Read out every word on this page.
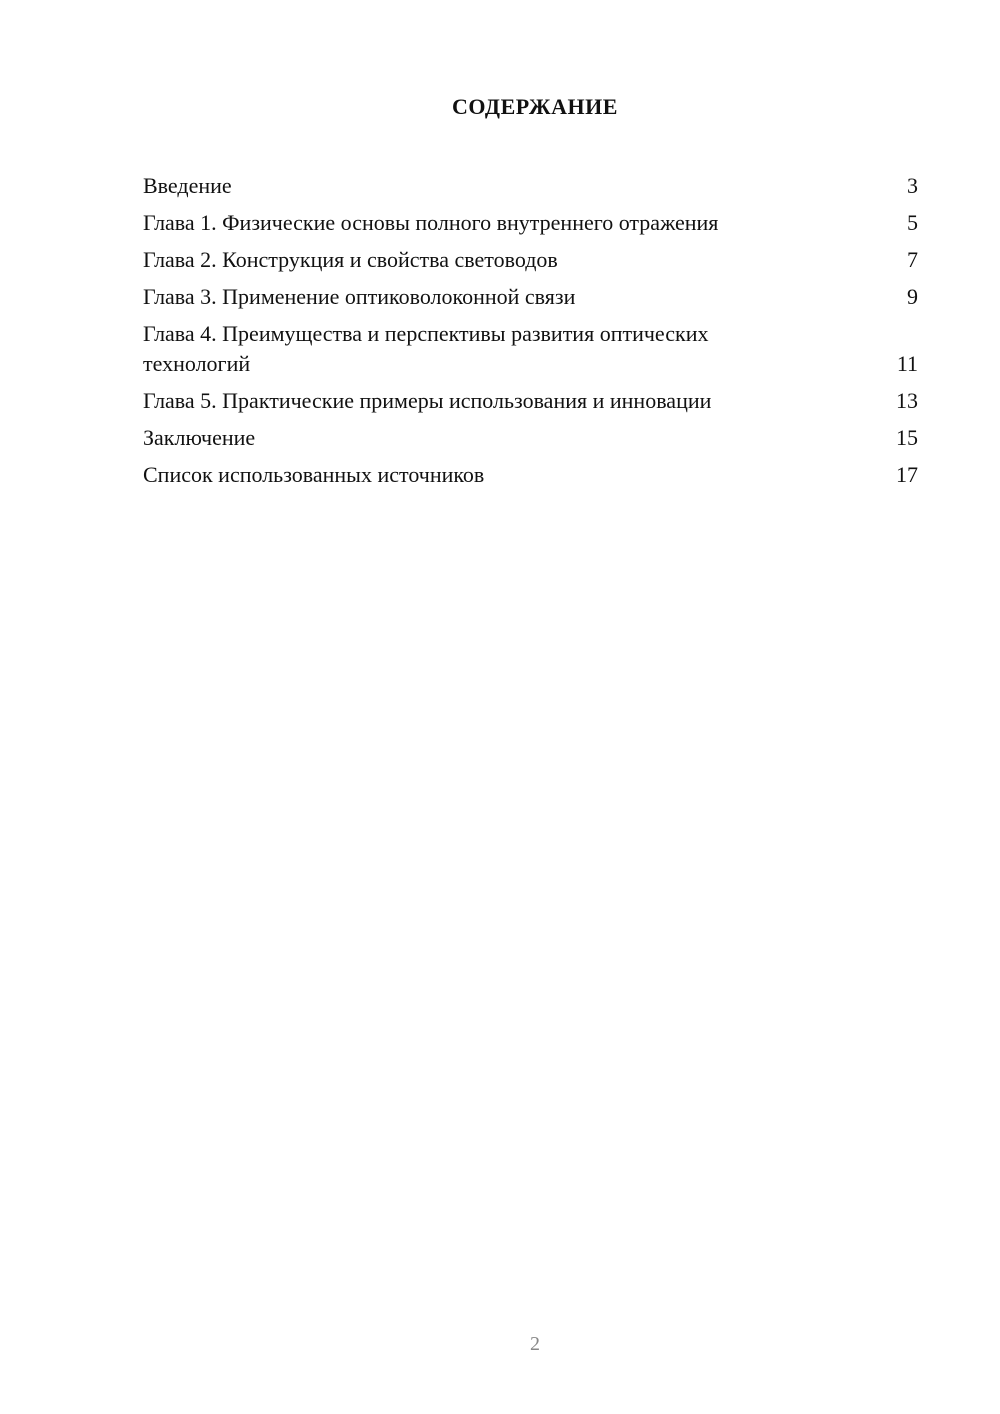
СОДЕРЖАНИЕ
Введение	3
Глава 1. Физические основы полного внутреннего отражения	5
Глава 2. Конструкция и свойства световодов	7
Глава 3. Применение оптиковолоконной связи	9
Глава 4. Преимущества и перспективы развития оптических технологий	11
Глава 5. Практические примеры использования и инновации	13
Заключение	15
Список использованных источников	17
2
